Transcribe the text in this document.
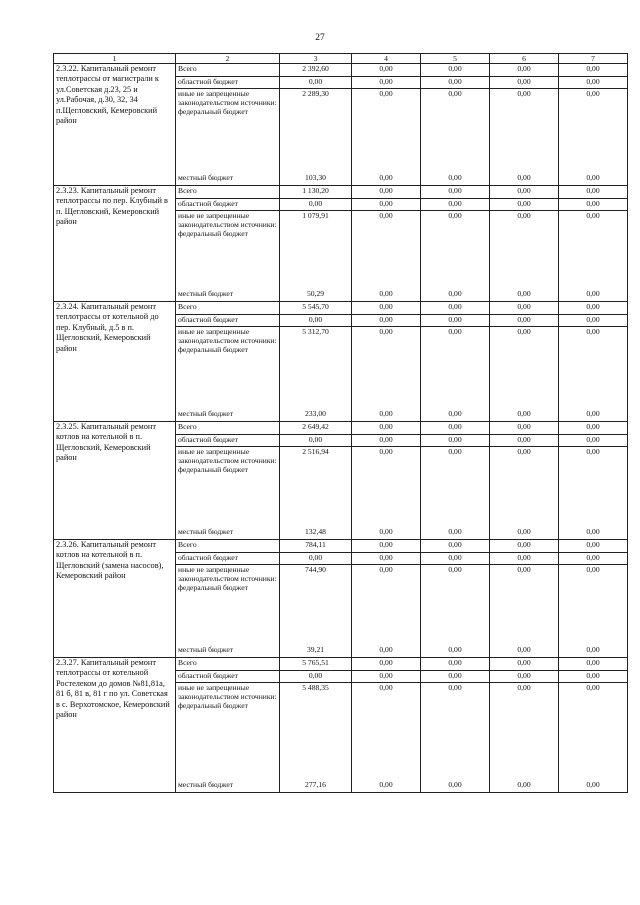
27
1	2	3	4	5	6	7
2.3.22. Капитальный ремонт теплотрассы от магистрали к ул.Советская д.23, 25 и ул.Рабочая, д.30, 32, 34 п.Щегловский, Кемеровский район	Всего	2 392,60	0,00	0,00	0,00	0,00
	областной бюджет	0,00	0,00	0,00	0,00	0,00
	иные не запрещенные законодательством источники: федеральный бюджет	2 289,30	0,00	0,00	0,00	0,00
	местный бюджет	103,30	0,00	0,00	0,00	0,00
2.3.23. Капитальный ремонт теплотрассы по пер. Клубный в п. Щегловский, Кемеровский район	Всего	1 130,20	0,00	0,00	0,00	0,00
	областной бюджет	0,00	0,00	0,00	0,00	0,00
	иные не запрещенные законодательством источники: федеральный бюджет	1 079,91	0,00	0,00	0,00	0,00
	местный бюджет	50,29	0,00	0,00	0,00	0,00
2.3.24. Капитальный ремонт теплотрассы от котельной до пер. Клубный, д.5 в п. Щегловский, Кемеровский район	Всего	5 545,70	0,00	0,00	0,00	0,00
	областной бюджет	0,00	0,00	0,00	0,00	0,00
	иные не запрещенные законодательством источники: федеральный бюджет	5 312,70	0,00	0,00	0,00	0,00
	местный бюджет	233,00	0,00	0,00	0,00	0,00
2.3.25. Капитальный ремонт котлов на котельной в п. Щегловский, Кемеровский район	Всего	2 649,42	0,00	0,00	0,00	0,00
	областной бюджет	0,00	0,00	0,00	0,00	0,00
	иные не запрещенные законодательством источники: федеральный бюджет	2 516,94	0,00	0,00	0,00	0,00
	местный бюджет	132,48	0,00	0,00	0,00	0,00
2.3.26. Капитальный ремонт котлов на котельной в п. Щегловский (замена насосов), Кемеровский район	Всего	784,11	0,00	0,00	0,00	0,00
	областной бюджет	0,00	0,00	0,00	0,00	0,00
	иные не запрещенные законодательством источники: федеральный бюджет	744,90	0,00	0,00	0,00	0,00
	местный бюджет	39,21	0,00	0,00	0,00	0,00
2.3.27. Капитальный ремонт теплотрассы от котельной Ростелеком до домов №81,81а, 81 б, 81 в, 81 г по ул. Советская в с. Верхотомское, Кемеровский район	Всего	5 765,51	0,00	0,00	0,00	0,00
	областной бюджет	0,00	0,00	0,00	0,00	0,00
	иные не запрещенные законодательством источники: федеральный бюджет	5 488,35	0,00	0,00	0,00	0,00
	местный бюджет	277,16	0,00	0,00	0,00	0,00
